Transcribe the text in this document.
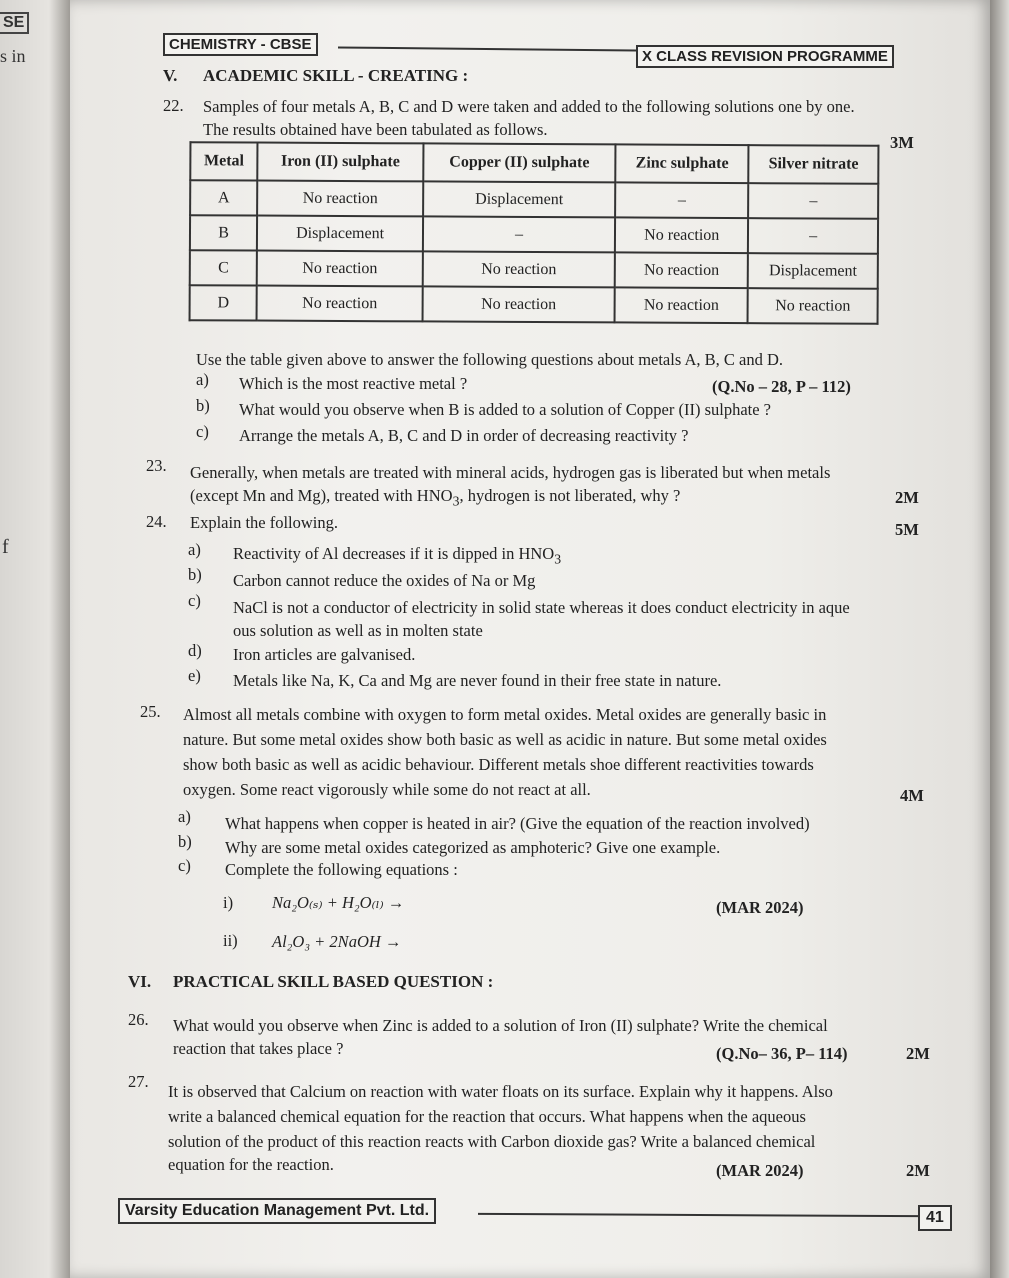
SE
s in
f
CHEMISTRY - CBSE
X CLASS REVISION PROGRAMME
V. ACADEMIC SKILL - CREATING :
22. Samples of four metals A, B, C and D were taken and added to the following solutions one by one.
The results obtained have been tabulated as follows.
3M
Metal	Iron (II) sulphate	Copper (II) sulphate	Zinc sulphate	Silver nitrate
A	No reaction	Displacement	–	–
B	Displacement	–	No reaction	–
C	No reaction	No reaction	No reaction	Displacement
D	No reaction	No reaction	No reaction	No reaction
Use the table given above to answer the following questions about metals A, B, C and D.
a) Which is the most reactive metal ?	(Q.No – 28, P – 112)
b) What would you observe when B is added to a solution of Copper (II) sulphate ?
c) Arrange the metals A, B, C and D in order of decreasing reactivity ?
23. Generally, when metals are treated with mineral acids, hydrogen gas is liberated but when metals
(except Mn and Mg), treated with $HNO_3$, hydrogen is not liberated, why ?	2M
24. Explain the following.	5M
a) Reactivity of Al decreases if it is dipped in $HNO_3$
b) Carbon cannot reduce the oxides of Na or Mg
c) NaCl is not a conductor of electricity in solid state whereas it does conduct electricity in aque
ous solution as well as in molten state
d) Iron articles are galvanised.
e) Metals like Na, K, Ca and Mg are never found in their free state in nature.
25. Almost all metals combine with oxygen to form metal oxides. Metal oxides are generally basic in
nature. But some metal oxides show both basic as well as acidic in nature. But some metal oxides
show both basic as well as acidic behaviour. Different metals shoe different reactivities towards
oxygen. Some react vigorously while some do not react at all.	4M
a) What happens when copper is heated in air? (Give the equation of the reaction involved)
b) Why are some metal oxides categorized as amphoteric? Give one example.
c) Complete the following equations :
i) Na₂O₍ₛ₎ + H₂O₍ₗ₎ →	(MAR 2024)
ii) Al₂O₃ + 2NaOH →
VI. PRACTICAL SKILL BASED QUESTION :
26. What would you observe when Zinc is added to a solution of Iron (II) sulphate? Write the chemical
reaction that takes place ?	(Q.No– 36, P– 114)	2M
27.
It is observed that Calcium on reaction with water floats on its surface. Explain why it happens. Also
write a balanced chemical equation for the reaction that occurs. What happens when the aqueous
solution of the product of this reaction reacts with Carbon dioxide gas? Write a balanced chemical
equation for the reaction.	(MAR 2024)	2M
Varsity Education Management Pvt. Ltd.	41
